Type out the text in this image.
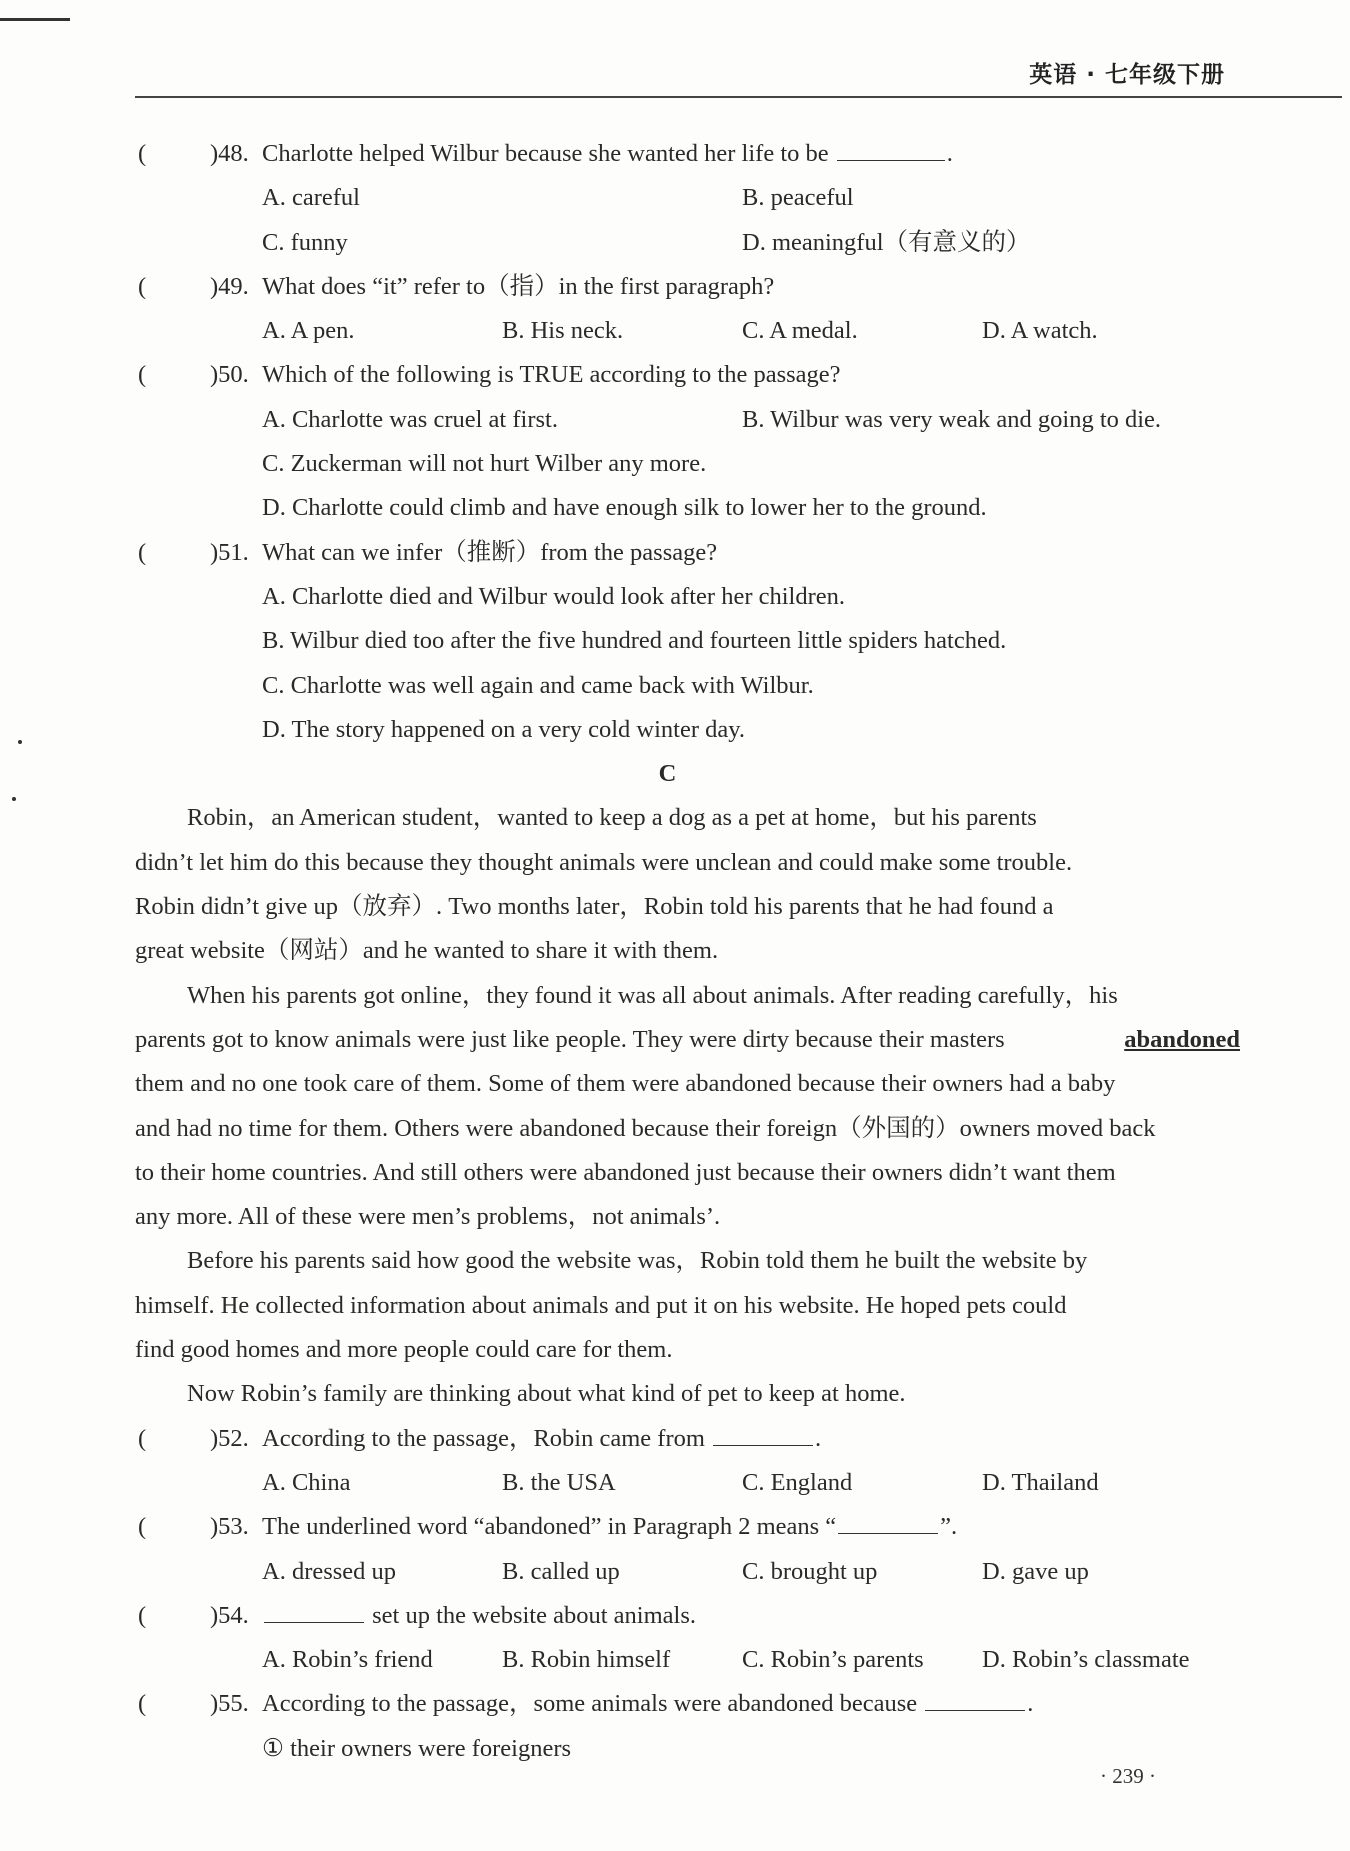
英语 · 七年级下册
(	)48. Charlotte helped Wilbur because she wanted her life to be	.
A. careful	B. peaceful
C. funny	D. meaningful（有意义的）
(	)49. What does “it” refer to（指）in the first paragraph?
A. A pen.	B. His neck.	C. A medal.	D. A watch.
(	)50. Which of the following is TRUE according to the passage?
A. Charlotte was cruel at first.	B. Wilbur was very weak and going to die.
C. Zuckerman will not hurt Wilber any more.
D. Charlotte could climb and have enough silk to lower her to the ground.
(	)51. What can we infer（推断）from the passage?
A. Charlotte died and Wilbur would look after her children.
B. Wilbur died too after the five hundred and fourteen little spiders hatched.
C. Charlotte was well again and came back with Wilbur.
D. The story happened on a very cold winter day.
C
Robin，an American student，wanted to keep a dog as a pet at home，but his parents
didn’t let him do this because they thought animals were unclean and could make some trouble.
Robin didn’t give up（放弃）. Two months later，Robin told his parents that he had found a
great website（网站）and he wanted to share it with them.
When his parents got online，they found it was all about animals. After reading carefully，his
parents got to know animals were just like people. They were dirty because their masters	abandoned
them and no one took care of them. Some of them were abandoned because their owners had a baby
and had no time for them. Others were abandoned because their foreign（外国的）owners moved back
to their home countries. And still others were abandoned just because their owners didn’t want them
any more. All of these were men’s problems，not animals’.
Before his parents said how good the website was，Robin told them he built the website by
himself. He collected information about animals and put it on his website. He hoped pets could
find good homes and more people could care for them.
Now Robin’s family are thinking about what kind of pet to keep at home.
(	)52. According to the passage，Robin came from	.
A. China	B. the USA	C. England	D. Thailand
(	)53. The underlined word “abandoned” in Paragraph 2 means “	”.
A. dressed up	B. called up	C. brought up	D. gave up
(	)54.	set up the website about animals.
A. Robin’s friend	B. Robin himself	C. Robin’s parents D. Robin’s classmate
(	)55. According to the passage，some animals were abandoned because	.
① their owners were foreigners
· 239 ·
